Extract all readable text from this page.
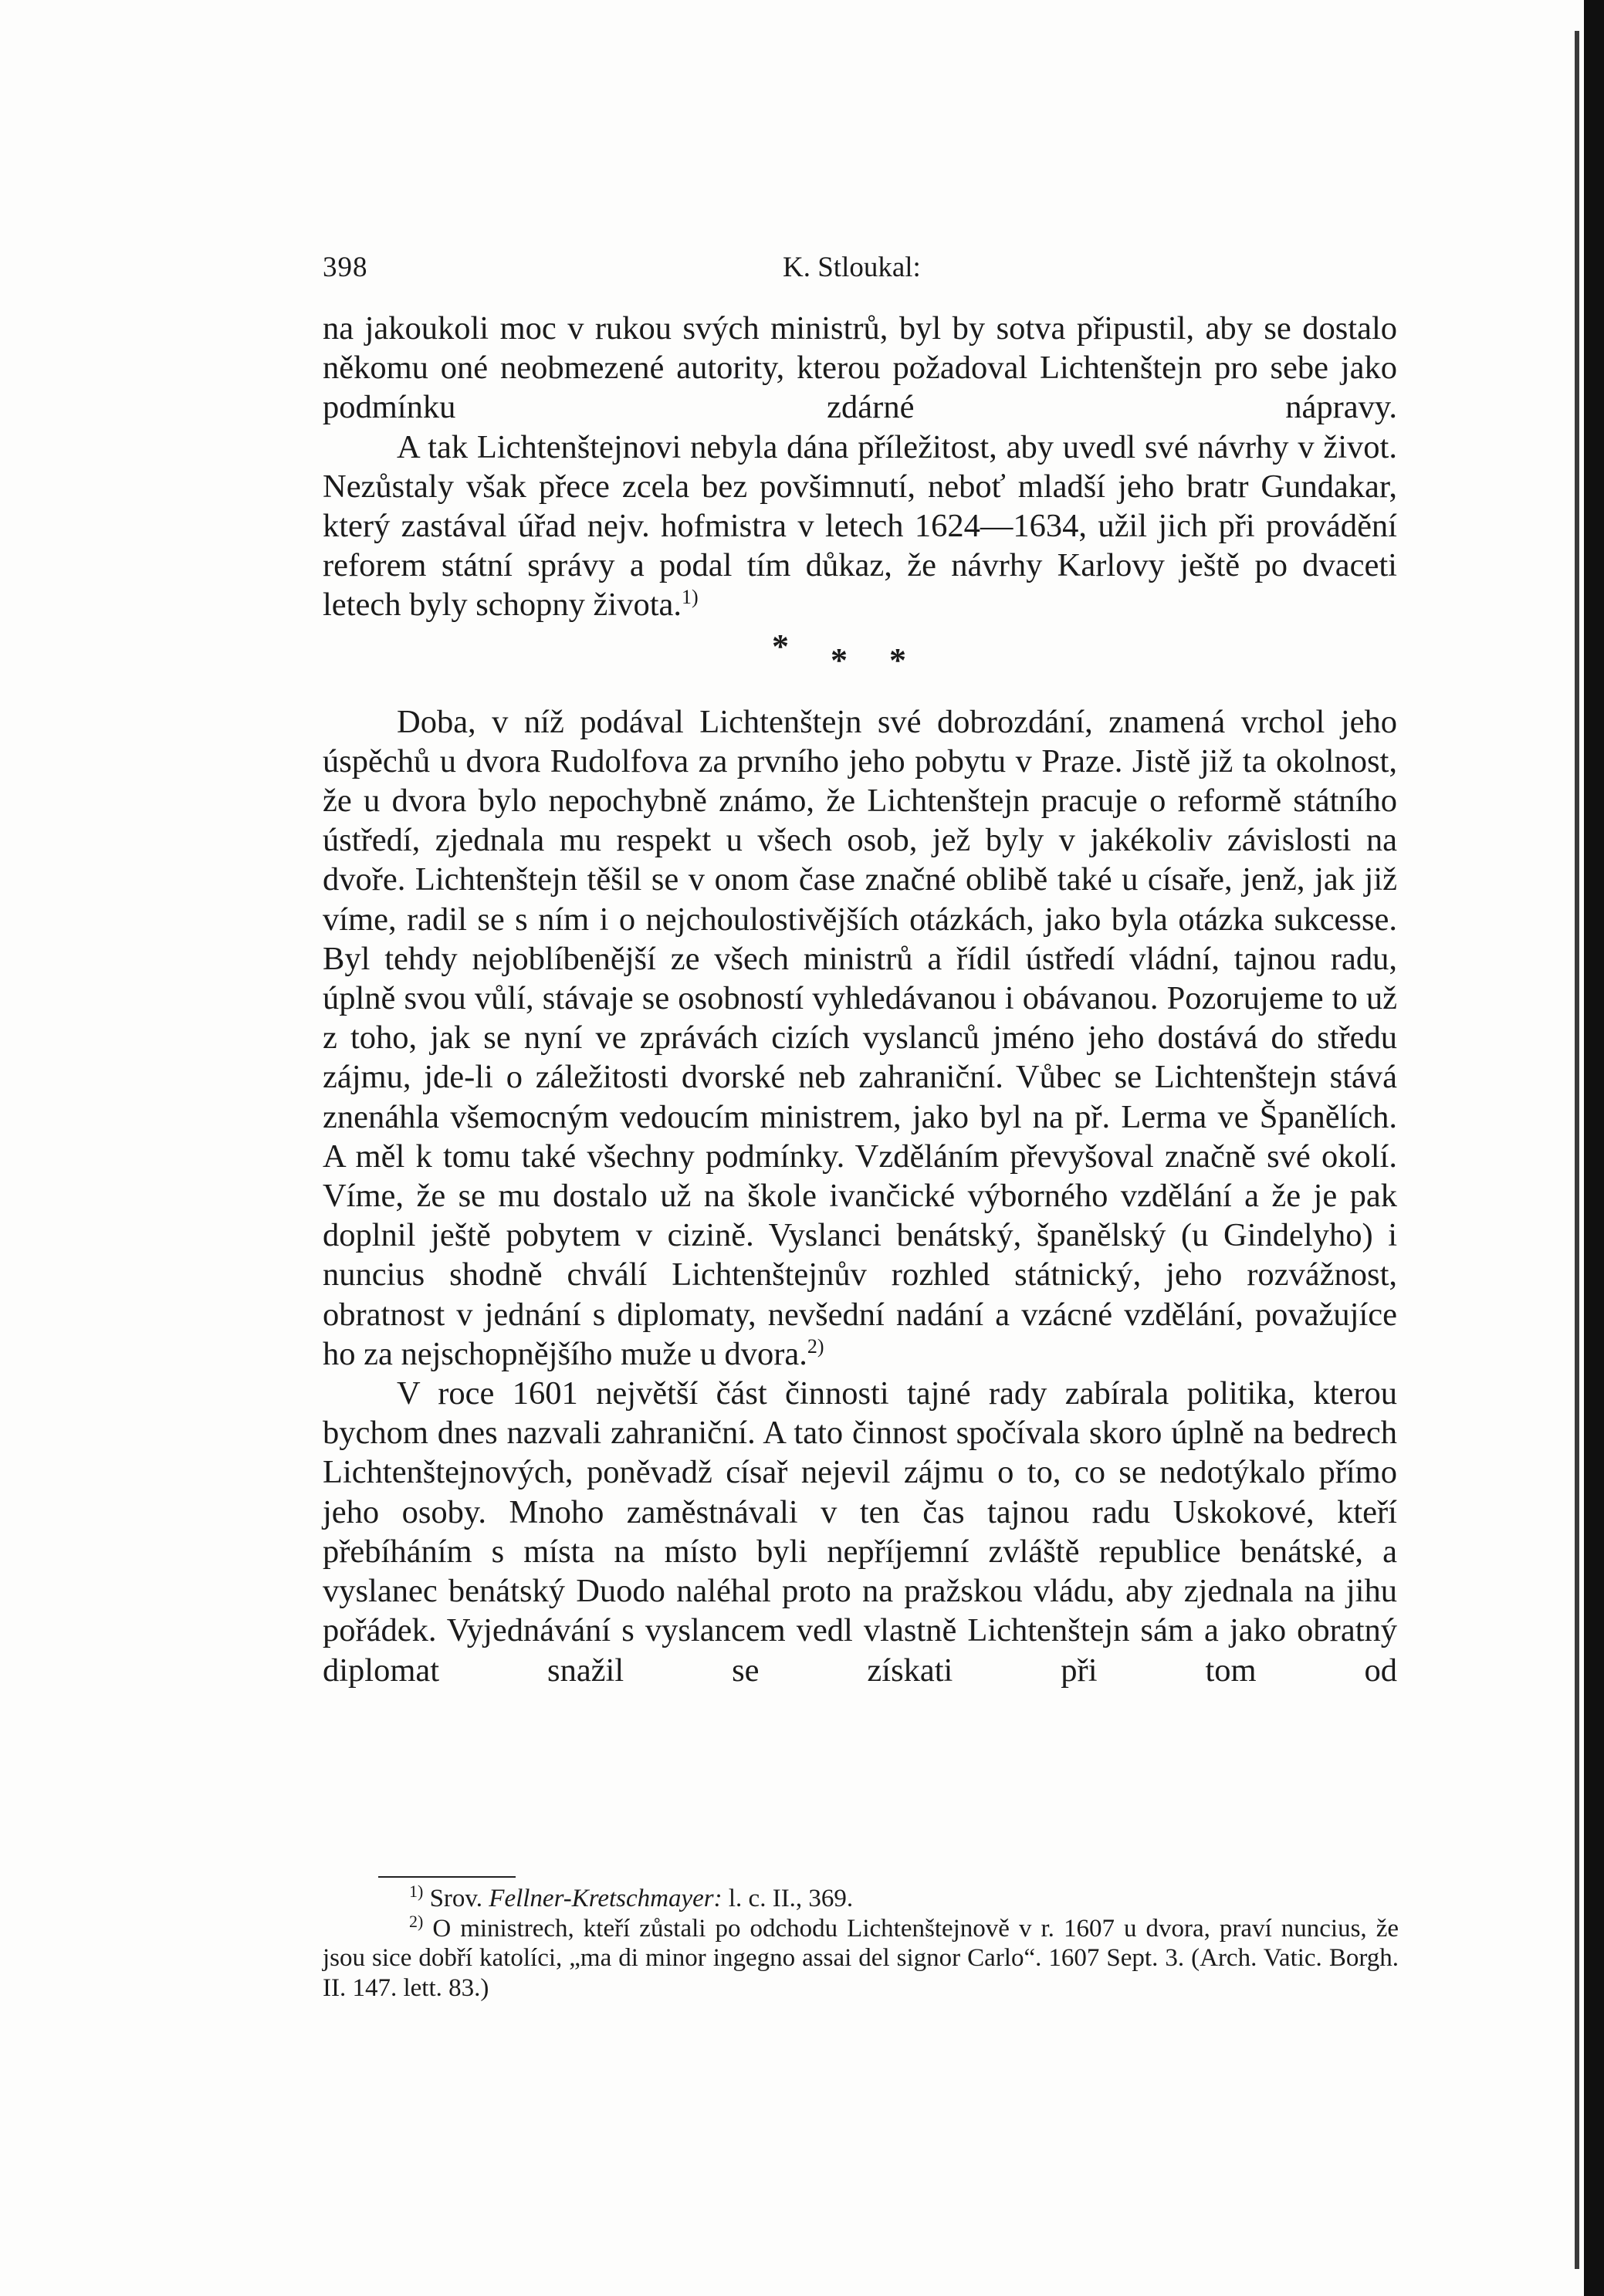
398	K. Stloukal:

na jakoukoli moc v rukou svých ministrů, byl by sotva připustil, aby se dostalo někomu oné neobmezené autority, kterou požadoval Lichtenštejn pro sebe jako podmínku zdárné nápravy.

A tak Lichtenštejnovi nebyla dána příležitost, aby uvedl své návrhy v život. Nezůstaly však přece zcela bez povšimnutí, neboť mladší jeho bratr Gundakar, který zastával úřad nejv. hofmistra v letech 1624—1634, užil jich při provádění reforem státní správy a podal tím důkaz, že návrhy Karlovy ještě po dvaceti letech byly schopny života.$^{1)}$

* * *

Doba, v níž podával Lichtenštejn své dobrozdání, znamená vrchol jeho úspěchů u dvora Rudolfova za prvního jeho pobytu v Praze. Jistě již ta okolnost, že u dvora bylo nepochybně známo, že Lichtenštejn pracuje o reformě státního ústředí, zjednala mu respekt u všech osob, jež byly v jakékoliv závislosti na dvoře. Lichtenštejn těšil se v onom čase značné oblibě také u císaře, jenž, jak již víme, radil se s ním i o nejchoulostivějších otázkách, jako byla otázka sukcesse. Byl tehdy nejoblíbenější ze všech ministrů a řídil ústředí vládní, tajnou radu, úplně svou vůlí, stávaje se osobností vyhledávanou i obávanou. Pozorujeme to už z toho, jak se nyní ve zprávách cizích vyslanců jméno jeho dostává do středu zájmu, jde-li o záležitosti dvorské neb zahraniční. Vůbec se Lichtenštejn stává znenáhla všemocným vedoucím ministrem, jako byl na př. Lerma ve Španělích. A měl k tomu také všechny podmínky. Vzděláním převyšoval značně své okolí. Víme, že se mu dostalo už na škole ivančické výborného vzdělání a že je pak doplnil ještě pobytem v cizině. Vyslanci benátský, španělský (u Gindelyho) i nuncius shodně chválí Lichtenštejnův rozhled státnický, jeho rozvážnost, obratnost v jednání s diplomaty, nevšední nadání a vzácné vzdělání, považujíce ho za nejschopnějšího muže u dvora.$^{2)}$

V roce 1601 největší část činnosti tajné rady zabírala politika, kterou bychom dnes nazvali zahraniční. A tato činnost spočívala skoro úplně na bedrech Lichtenštejnových, poněvadž císař nejevil zájmu o to, co se nedotýkalo přímo jeho osoby. Mnoho zaměstnávali v ten čas tajnou radu Uskokové, kteří přebíháním s místa na místo byli nepříjemní zvláště republice benátské, a vyslanec benátský Duodo naléhal proto na pražskou vládu, aby zjednala na jihu pořádek. Vyjednávání s vyslancem vedl vlastně Lichtenštejn sám a jako obratný diplomat snažil se získati při tom od

$^{1)}$ Srov. Fellner-Kretschmayer: l. c. II., 369.

$^{2)}$ O ministrech, kteří zůstali po odchodu Lichtenštejnově v r. 1607 u dvora, praví nuncius, že jsou sice dobří katolíci, „ma di minor ingegno assai del signor Carlo“. 1607 Sept. 3. (Arch. Vatic. Borgh. II. 147. lett. 83.)
